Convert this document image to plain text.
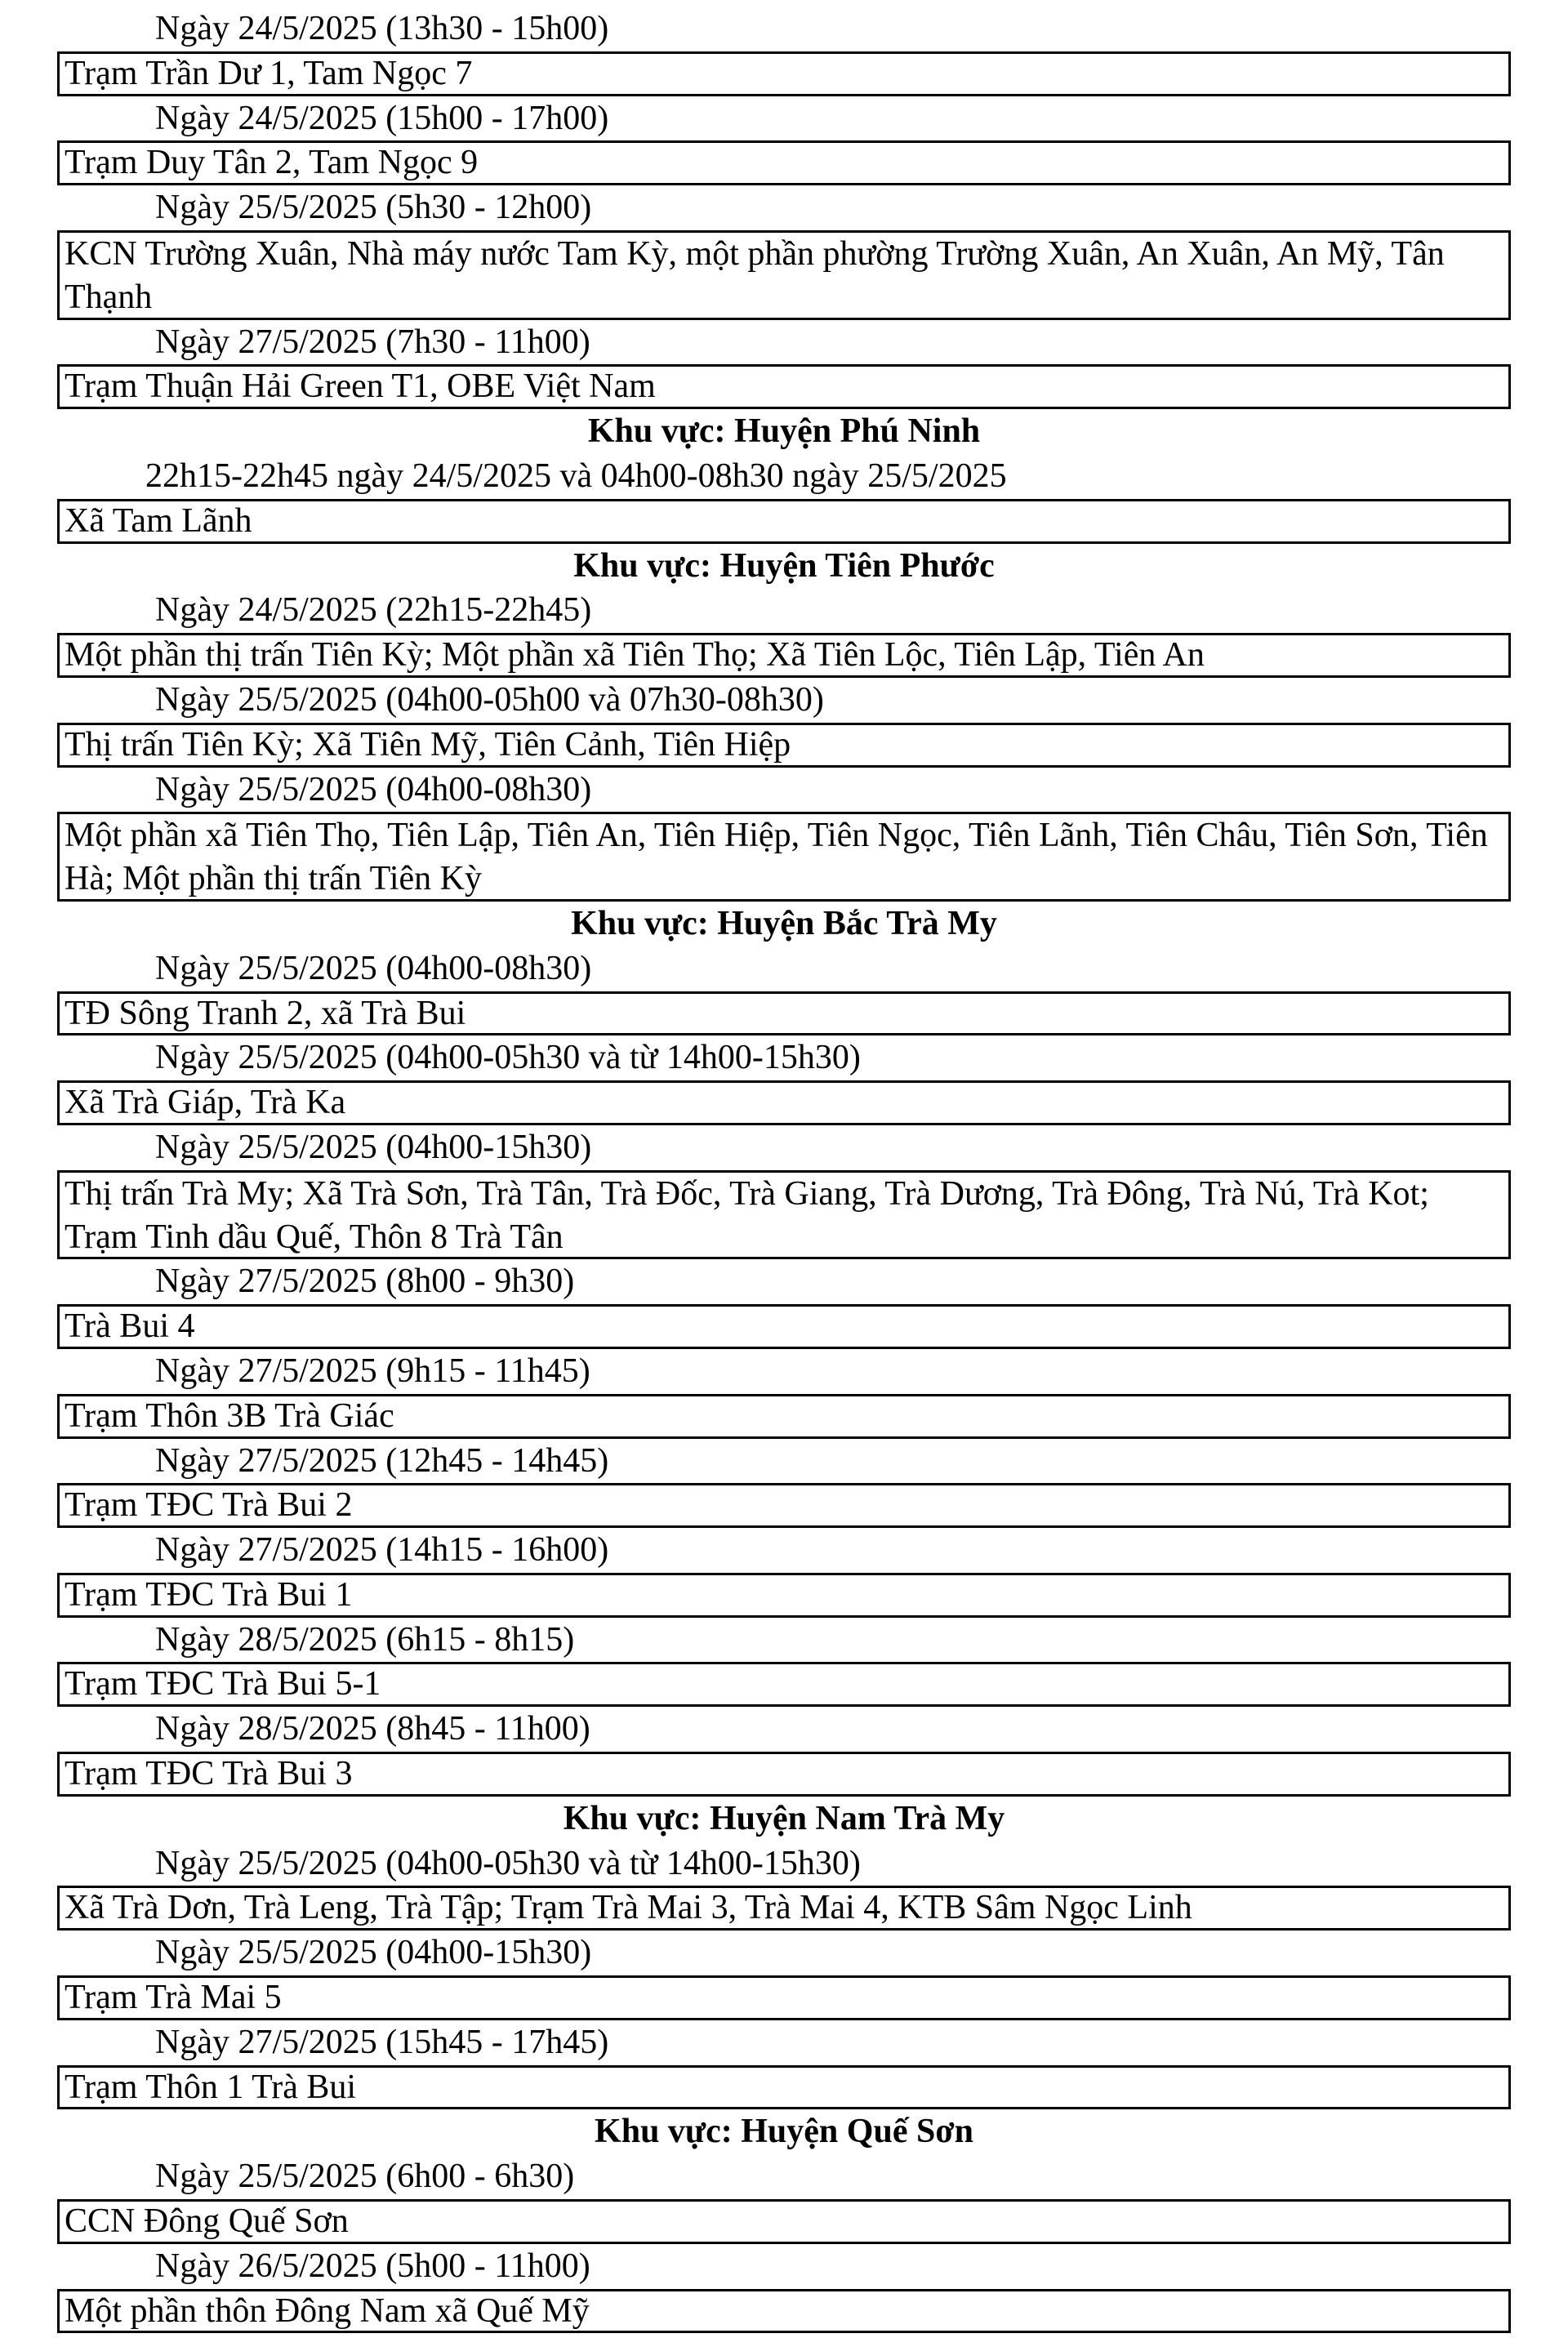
Ngày 24/5/2025 (13h30 - 15h00)
Trạm Trần Dư 1, Tam Ngọc 7
Ngày 24/5/2025 (15h00 - 17h00)
Trạm Duy Tân 2, Tam Ngọc 9
Ngày 25/5/2025 (5h30 - 12h00)
KCN Trường Xuân, Nhà máy nước Tam Kỳ, một phần phường Trường Xuân, An Xuân, An Mỹ, Tân Thạnh
Ngày 27/5/2025 (7h30 - 11h00)
Trạm Thuận Hải Green T1, OBE Việt Nam
Khu vực: Huyện Phú Ninh
22h15-22h45 ngày 24/5/2025 và 04h00-08h30 ngày 25/5/2025
Xã Tam Lãnh
Khu vực: Huyện Tiên Phước
Ngày 24/5/2025 (22h15-22h45)
Một phần thị trấn Tiên Kỳ; Một phần xã Tiên Thọ; Xã Tiên Lộc, Tiên Lập, Tiên An
Ngày 25/5/2025 (04h00-05h00 và 07h30-08h30)
Thị trấn Tiên Kỳ; Xã Tiên Mỹ, Tiên Cảnh, Tiên Hiệp
Ngày 25/5/2025 (04h00-08h30)
Một phần xã Tiên Thọ, Tiên Lập, Tiên An, Tiên Hiệp, Tiên Ngọc, Tiên Lãnh, Tiên Châu, Tiên Sơn, Tiên Hà; Một phần thị trấn Tiên Kỳ
Khu vực: Huyện Bắc Trà My
Ngày 25/5/2025 (04h00-08h30)
TĐ Sông Tranh 2, xã Trà Bui
Ngày 25/5/2025 (04h00-05h30 và từ 14h00-15h30)
Xã Trà Giáp, Trà Ka
Ngày 25/5/2025 (04h00-15h30)
Thị trấn Trà My; Xã Trà Sơn, Trà Tân, Trà Đốc, Trà Giang, Trà Dương, Trà Đông, Trà Nú, Trà Kot; Trạm Tinh dầu Quế, Thôn 8 Trà Tân
Ngày 27/5/2025 (8h00 - 9h30)
Trà Bui 4
Ngày 27/5/2025 (9h15 - 11h45)
Trạm Thôn 3B Trà Giác
Ngày 27/5/2025 (12h45 - 14h45)
Trạm TĐC Trà Bui 2
Ngày 27/5/2025 (14h15 - 16h00)
Trạm TĐC Trà Bui 1
Ngày 28/5/2025 (6h15 - 8h15)
Trạm TĐC Trà Bui 5-1
Ngày 28/5/2025 (8h45 - 11h00)
Trạm TĐC Trà Bui 3
Khu vực: Huyện Nam Trà My
Ngày 25/5/2025 (04h00-05h30 và từ 14h00-15h30)
Xã Trà Dơn, Trà Leng, Trà Tập; Trạm Trà Mai 3, Trà Mai 4, KTB Sâm Ngọc Linh
Ngày 25/5/2025 (04h00-15h30)
Trạm Trà Mai 5
Ngày 27/5/2025 (15h45 - 17h45)
Trạm Thôn 1 Trà Bui
Khu vực: Huyện Quế Sơn
Ngày 25/5/2025 (6h00 - 6h30)
CCN Đông Quế Sơn
Ngày 26/5/2025 (5h00 - 11h00)
Một phần thôn Đông Nam xã Quế Mỹ
